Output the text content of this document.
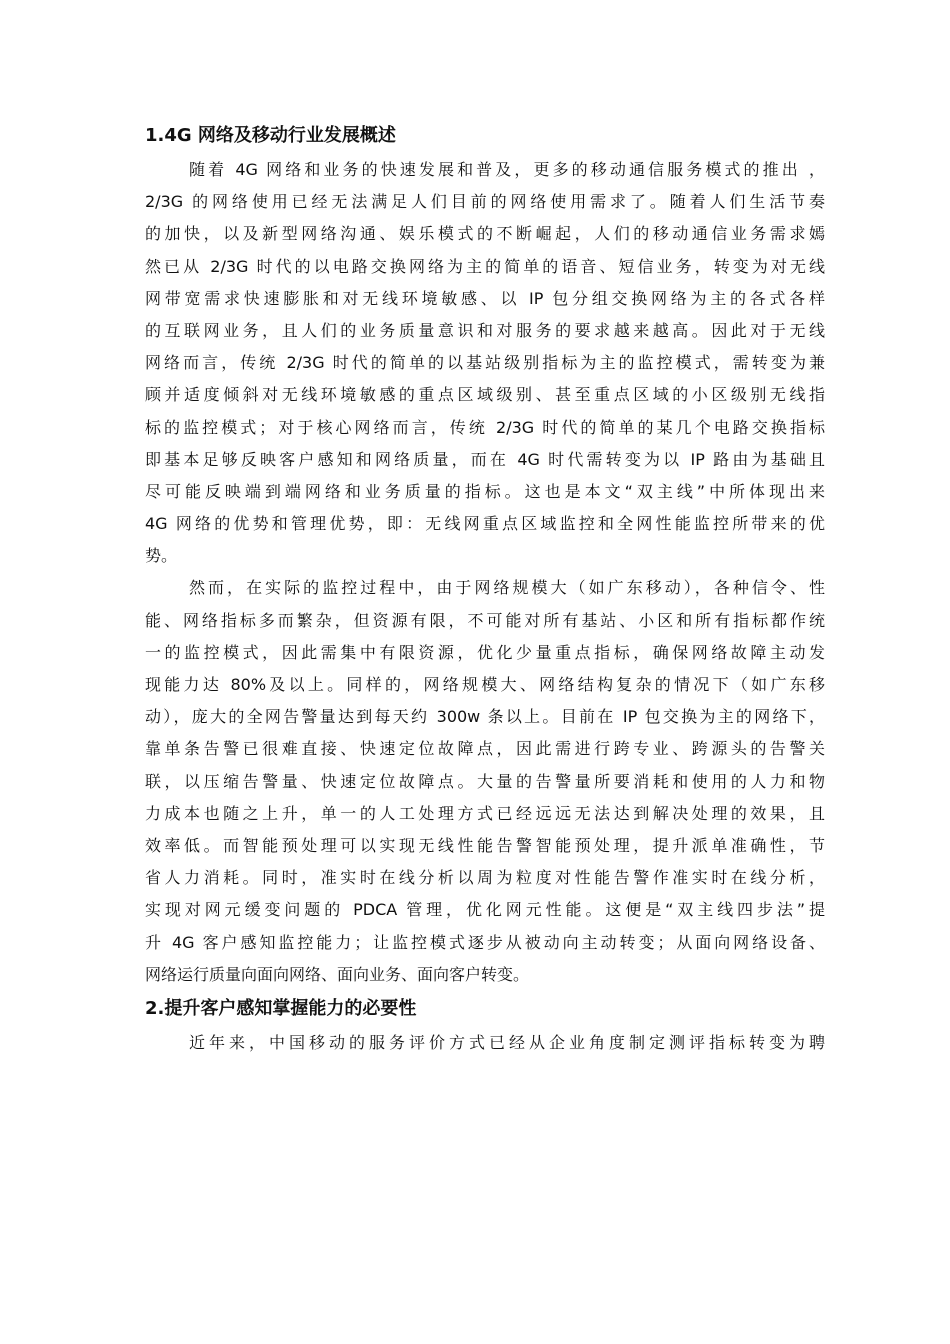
1.4G 网络及移动行业发展概述
随着 4G 网络和业务的快速发展和普及，更多的移动通信服务模式的推出 ，
2/3G 的网络使用已经无法满足人们目前的网络使用需求了。随着人们生活节奏
的加快，以及新型网络沟通、娱乐模式的不断崛起，人们的移动通信业务需求嫣
然已从 2/3G 时代的以电路交换网络为主的简单的语音、短信业务，转变为对无线
网带宽需求快速膨胀和对无线环境敏感、以 IP 包分组交换网络为主的各式各样
的互联网业务，且人们的业务质量意识和对服务的要求越来越高。因此对于无线
网络而言，传统 2/3G 时代的简单的以基站级别指标为主的监控模式，需转变为兼
顾并适度倾斜对无线环境敏感的重点区域级别、甚至重点区域的小区级别无线指
标的监控模式；对于核心网络而言，传统 2/3G 时代的简单的某几个电路交换指标
即基本足够反映客户感知和网络质量，而在 4G 时代需转变为以 IP 路由为基础且
尽可能反映端到端网络和业务质量的指标。这也是本文“双主线”中所体现出来
4G 网络的优势和管理优势，即：无线网重点区域监控和全网性能监控所带来的优
势。
然而，在实际的监控过程中，由于网络规模大（如广东移动），各种信令、性
能、网络指标多而繁杂，但资源有限，不可能对所有基站、小区和所有指标都作统
一的监控模式，因此需集中有限资源，优化少量重点指标，确保网络故障主动发
现能力达 80%及以上。同样的，网络规模大、网络结构复杂的情况下（如广东移
动），庞大的全网告警量达到每天约 300w 条以上。目前在 IP 包交换为主的网络下，
靠单条告警已很难直接、快速定位故障点，因此需进行跨专业、跨源头的告警关
联，以压缩告警量、快速定位故障点。大量的告警量所要消耗和使用的人力和物
力成本也随之上升，单一的人工处理方式已经远远无法达到解决处理的效果，且
效率低。而智能预处理可以实现无线性能告警智能预处理，提升派单准确性，节
省人力消耗。同时，准实时在线分析以周为粒度对性能告警作准实时在线分析，
实现对网元缓变问题的 PDCA 管理，优化网元性能。这便是“双主线四步法”提
升 4G 客户感知监控能力；让监控模式逐步从被动向主动转变；从面向网络设备、
网络运行质量向面向网络、面向业务、面向客户转变。
2.提升客户感知掌握能力的必要性
近年来，中国移动的服务评价方式已经从企业角度制定测评指标转变为聘
